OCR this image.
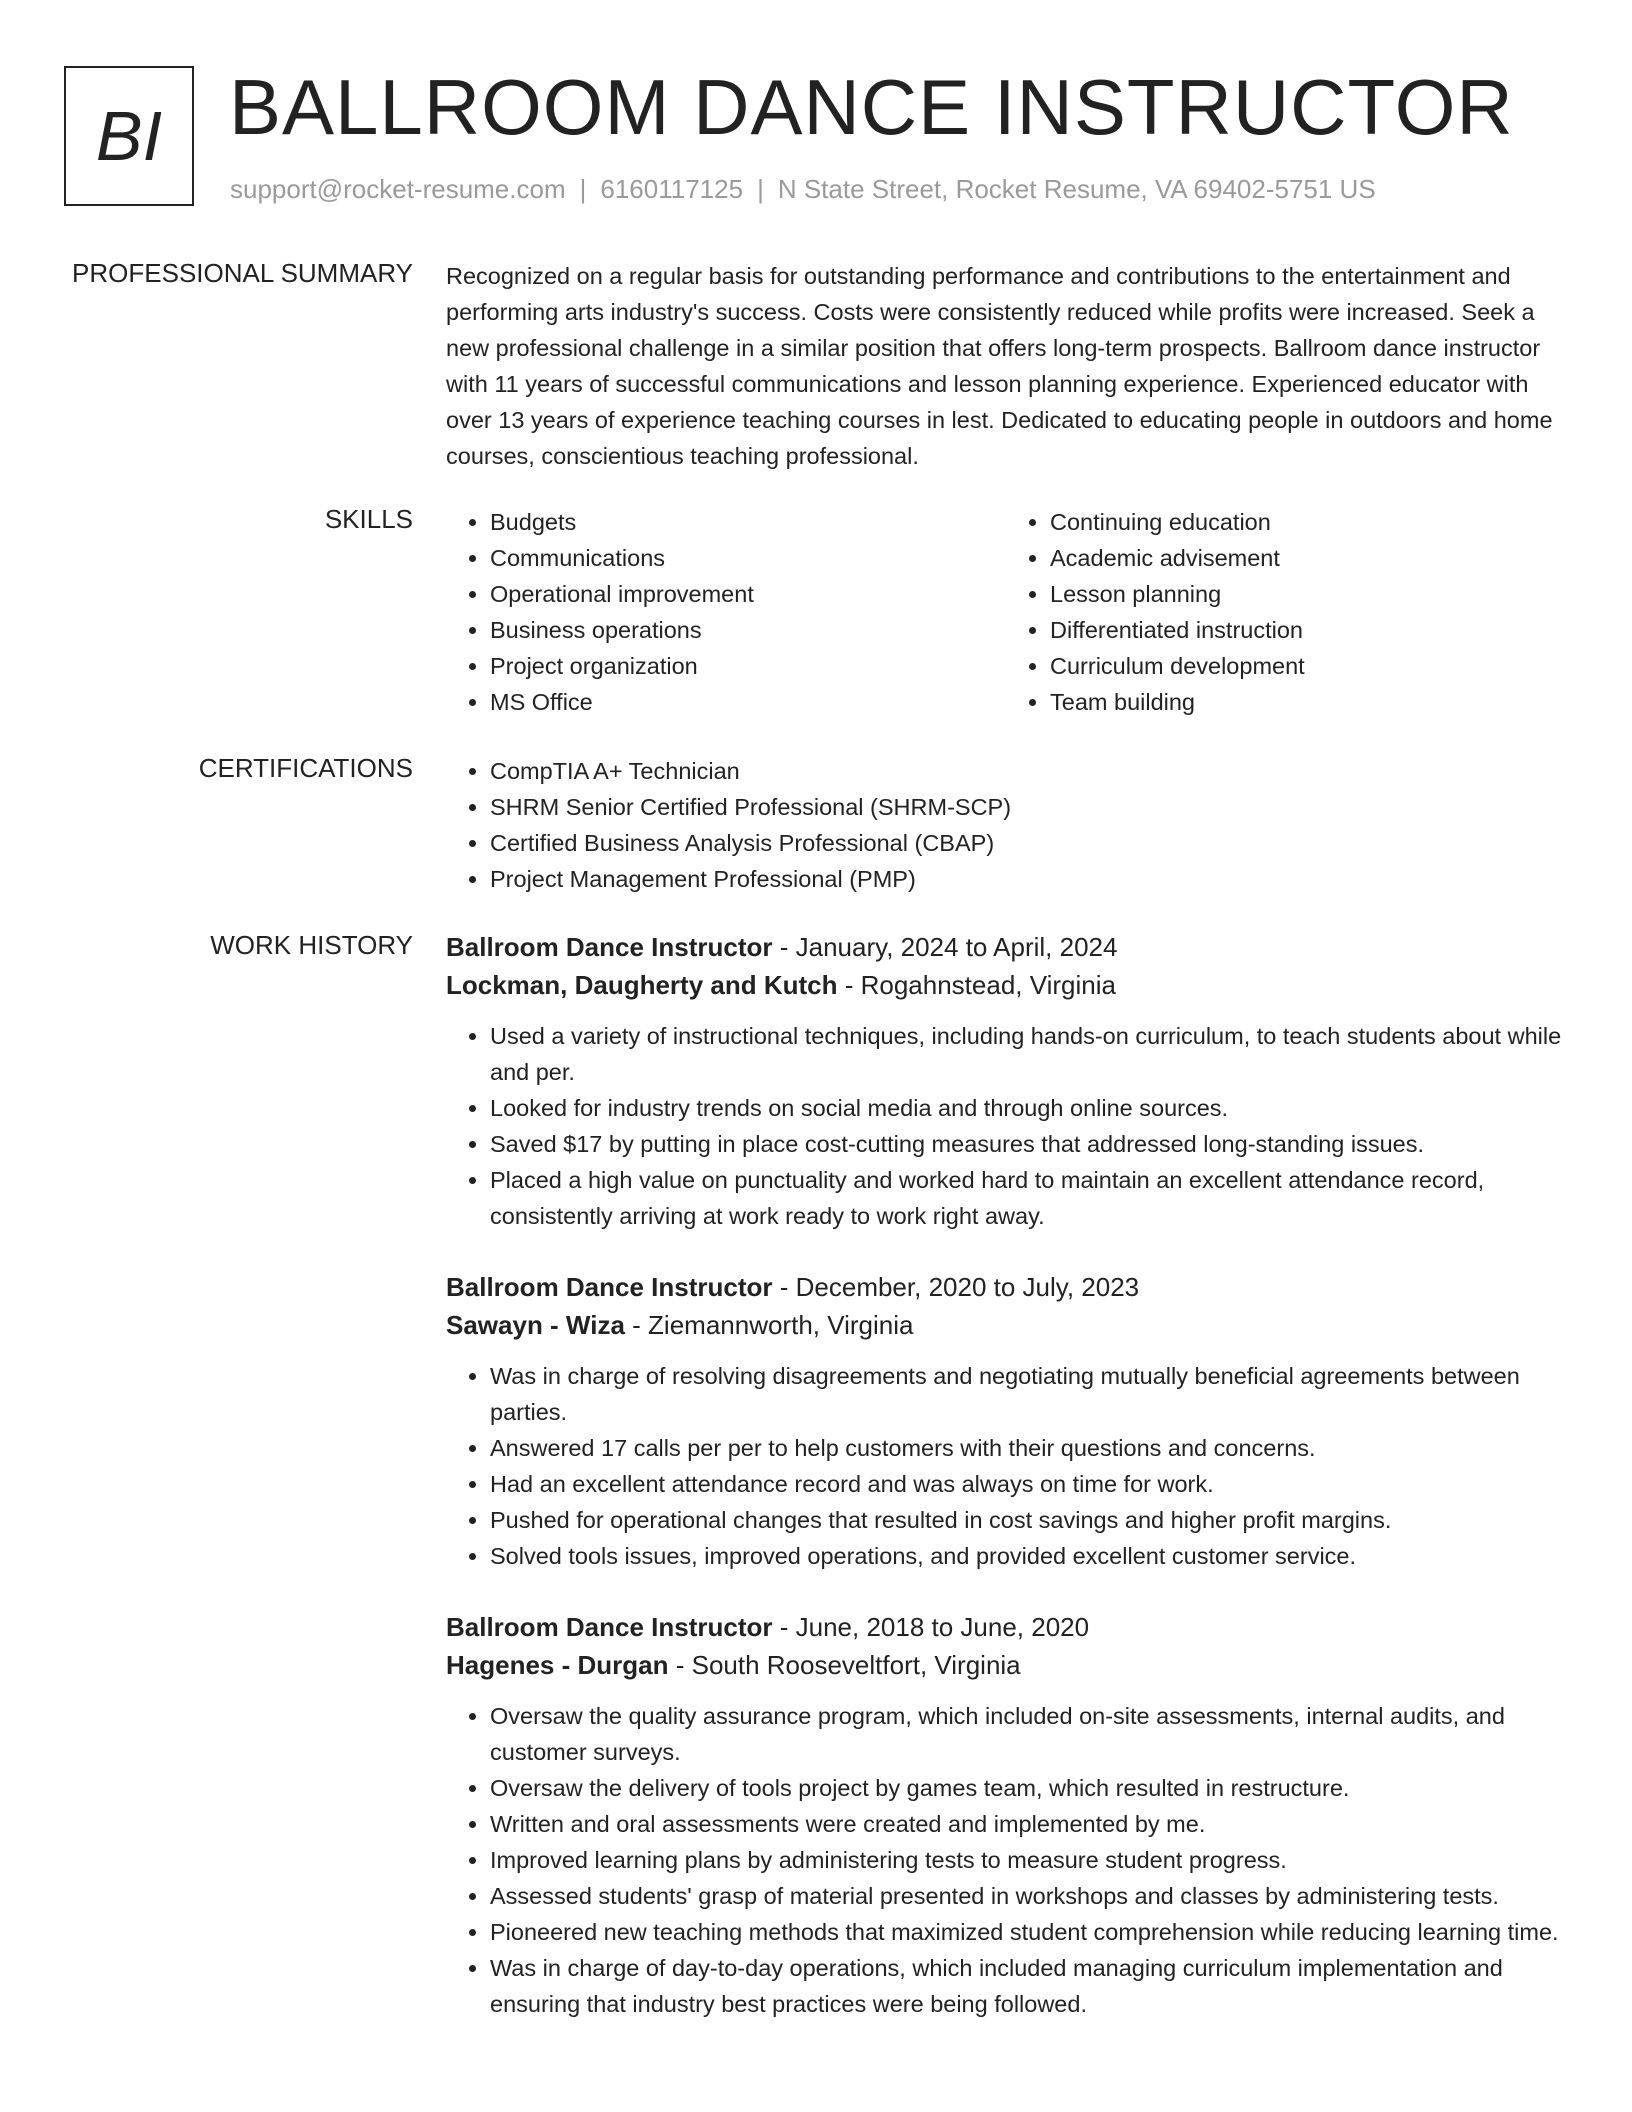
BI BALLROOM DANCE INSTRUCTOR
support@rocket-resume.com | 6160117125 | N State Street, Rocket Resume, VA 69402-5751 US
PROFESSIONAL SUMMARY Recognized on a regular basis for outstanding performance and contributions to the entertainment and performing arts industry's success. Costs were consistently reduced while profits were increased. Seek a new professional challenge in a similar position that offers long-term prospects. Ballroom dance instructor with 11 years of successful communications and lesson planning experience. Experienced educator with over 13 years of experience teaching courses in lest. Dedicated to educating people in outdoors and home courses, conscientious teaching professional.
SKILLS	• Budgets
• Communications
• Operational improvement
• Business operations
• Project organization
• MS Office
• Continuing education
• Academic advisement
• Lesson planning
• Differentiated instruction
• Curriculum development
• Team building
CERTIFICATIONS	• CompTIA A+ Technician
• SHRM Senior Certified Professional (SHRM-SCP)
• Certified Business Analysis Professional (CBAP)
• Project Management Professional (PMP)
WORK HISTORY Ballroom Dance Instructor - January, 2024 to April, 2024
Lockman, Daugherty and Kutch - Rogahnstead, Virginia
• Used a variety of instructional techniques, including hands-on curriculum, to teach students about while and per.
• Looked for industry trends on social media and through online sources.
• Saved $17 by putting in place cost-cutting measures that addressed long-standing issues.
• Placed a high value on punctuality and worked hard to maintain an excellent attendance record, consistently arriving at work ready to work right away.
Ballroom Dance Instructor - December, 2020 to July, 2023
Sawayn - Wiza - Ziemannworth, Virginia
• Was in charge of resolving disagreements and negotiating mutually beneficial agreements between parties.
• Answered 17 calls per per to help customers with their questions and concerns.
• Had an excellent attendance record and was always on time for work.
• Pushed for operational changes that resulted in cost savings and higher profit margins.
• Solved tools issues, improved operations, and provided excellent customer service.
Ballroom Dance Instructor - June, 2018 to June, 2020
Hagenes - Durgan - South Rooseveltfort, Virginia
• Oversaw the quality assurance program, which included on-site assessments, internal audits, and customer surveys.
• Oversaw the delivery of tools project by games team, which resulted in restructure.
• Written and oral assessments were created and implemented by me.
• Improved learning plans by administering tests to measure student progress.
• Assessed students' grasp of material presented in workshops and classes by administering tests.
• Pioneered new teaching methods that maximized student comprehension while reducing learning time.
• Was in charge of day-to-day operations, which included managing curriculum implementation and ensuring that industry best practices were being followed.
